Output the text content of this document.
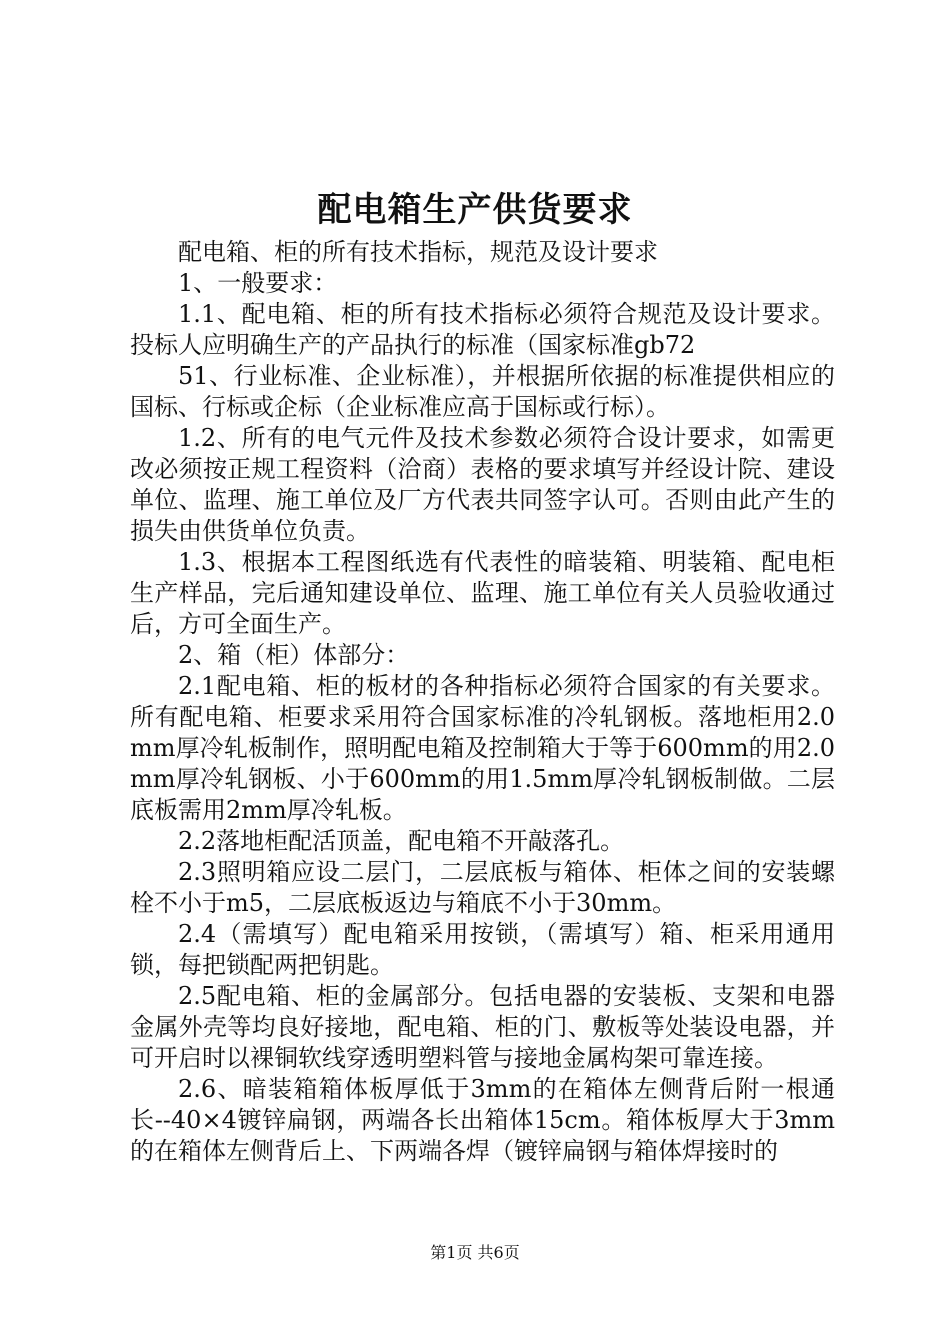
配电箱生产供货要求

配电箱、柜的所有技术指标，规范及设计要求

1、一般要求：

1.1、配电箱、柜的所有技术指标必须符合规范及设计要求。投标人应明确生产的产品执行的标准（国家标准gb72

51、行业标准、企业标准），并根据所依据的标准提供相应的国标、行标或企标（企业标准应高于国标或行标）。

1.2、所有的电气元件及技术参数必须符合设计要求，如需更改必须按正规工程资料（洽商）表格的要求填写并经设计院、建设单位、监理、施工单位及厂方代表共同签字认可。否则由此产生的损失由供货单位负责。

1.3、根据本工程图纸选有代表性的暗装箱、明装箱、配电柜生产样品，完后通知建设单位、监理、施工单位有关人员验收通过后，方可全面生产。

2、箱（柜）体部分：

2.1配电箱、柜的板材的各种指标必须符合国家的有关要求。所有配电箱、柜要求采用符合国家标准的冷轧钢板。落地柜用2.0mm厚冷轧板制作，照明配电箱及控制箱大于等于600mm的用2.0mm厚冷轧钢板、小于600mm的用1.5mm厚冷轧钢板制做。二层底板需用2mm厚冷轧板。

2.2落地柜配活顶盖，配电箱不开敲落孔。

2.3照明箱应设二层门，二层底板与箱体、柜体之间的安装螺栓不小于m5，二层底板返边与箱底不小于30mm。

2.4（需填写）配电箱采用按锁，（需填写）箱、柜采用通用锁，每把锁配两把钥匙。

2.5配电箱、柜的金属部分。包括电器的安装板、支架和电器金属外壳等均良好接地，配电箱、柜的门、敷板等处装设电器，并可开启时以裸铜软线穿透明塑料管与接地金属构架可靠连接。

2.6、暗装箱箱体板厚低于3mm的在箱体左侧背后附一根通长--40×4镀锌扁钢，两端各长出箱体15cm。箱体板厚大于3mm的在箱体左侧背后上、下两端各焊（镀锌扁钢与箱体焊接时的

第1页 共6页
